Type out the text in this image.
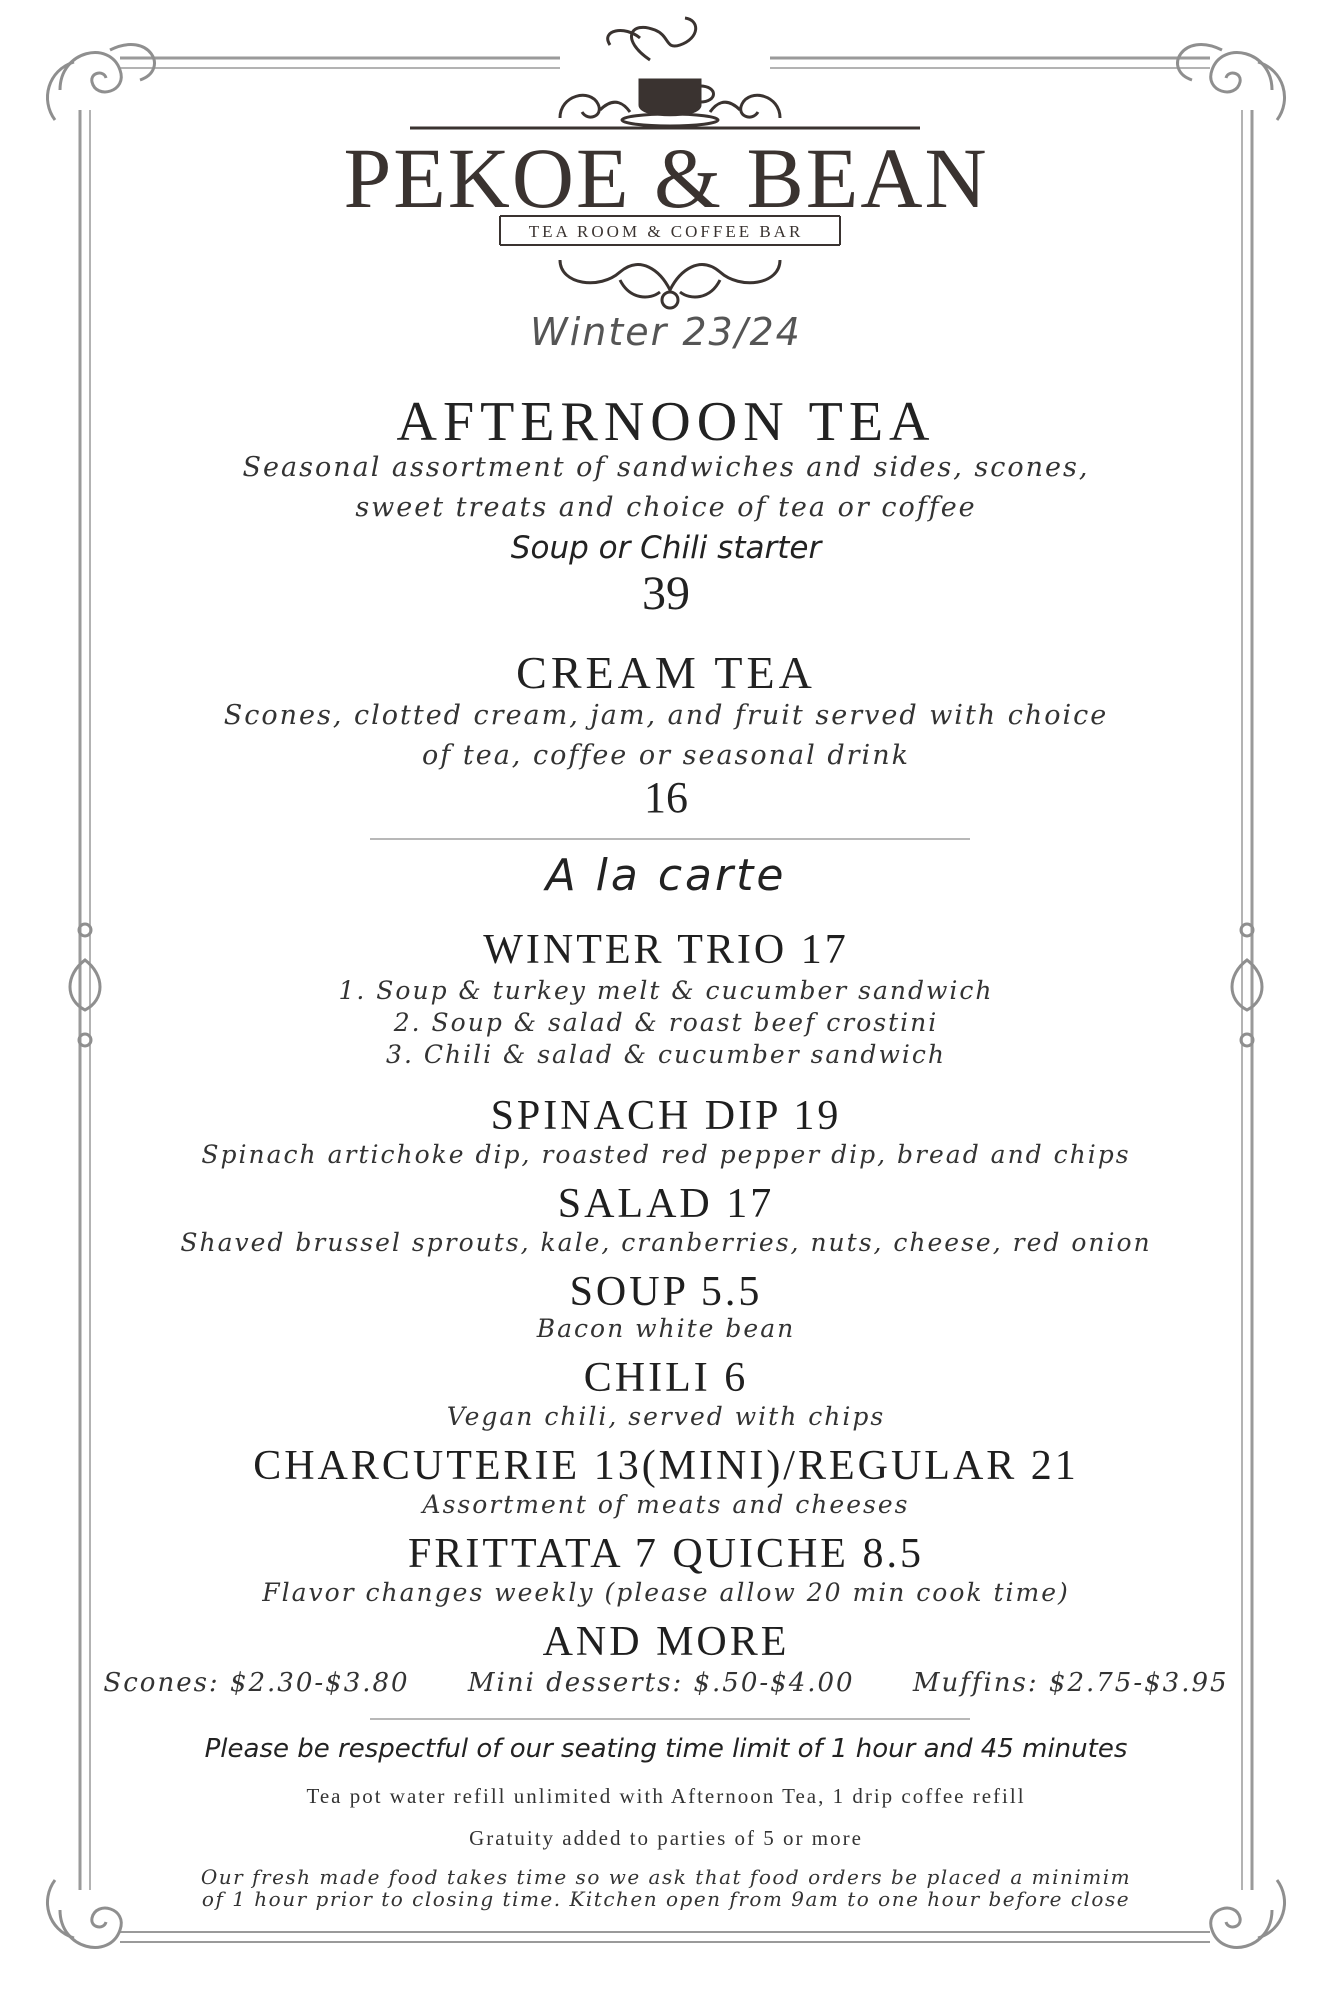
PEKOE & BEAN
TEA ROOM & COFFEE BAR
Winter 23/24
AFTERNOON TEA
Seasonal assortment of sandwiches and sides, scones,
sweet treats and choice of tea or coffee
Soup or Chili starter
39
CREAM TEA
Scones, clotted cream, jam, and fruit served with choice
of tea, coffee or seasonal drink
16
A la carte
WINTER TRIO 17
1. Soup & turkey melt & cucumber sandwich
2. Soup & salad & roast beef crostini
3. Chili & salad & cucumber sandwich
SPINACH DIP 19
Spinach artichoke dip, roasted red pepper dip, bread and chips
SALAD 17
Shaved brussel sprouts, kale, cranberries, nuts, cheese, red onion
SOUP 5.5
Bacon white bean
CHILI 6
Vegan chili, served with chips
CHARCUTERIE 13(MINI)/REGULAR 21
Assortment of meats and cheeses
FRITTATA 7 QUICHE 8.5
Flavor changes weekly (please allow 20 min cook time)
AND MORE
Scones: $2.30-$3.80 Mini desserts: $.50-$4.00 Muffins: $2.75-$3.95
Please be respectful of our seating time limit of 1 hour and 45 minutes
Tea pot water refill unlimited with Afternoon Tea, 1 drip coffee refill
Gratuity added to parties of 5 or more
Our fresh made food takes time so we ask that food orders be placed a minimim
of 1 hour prior to closing time. Kitchen open from 9am to one hour before close
